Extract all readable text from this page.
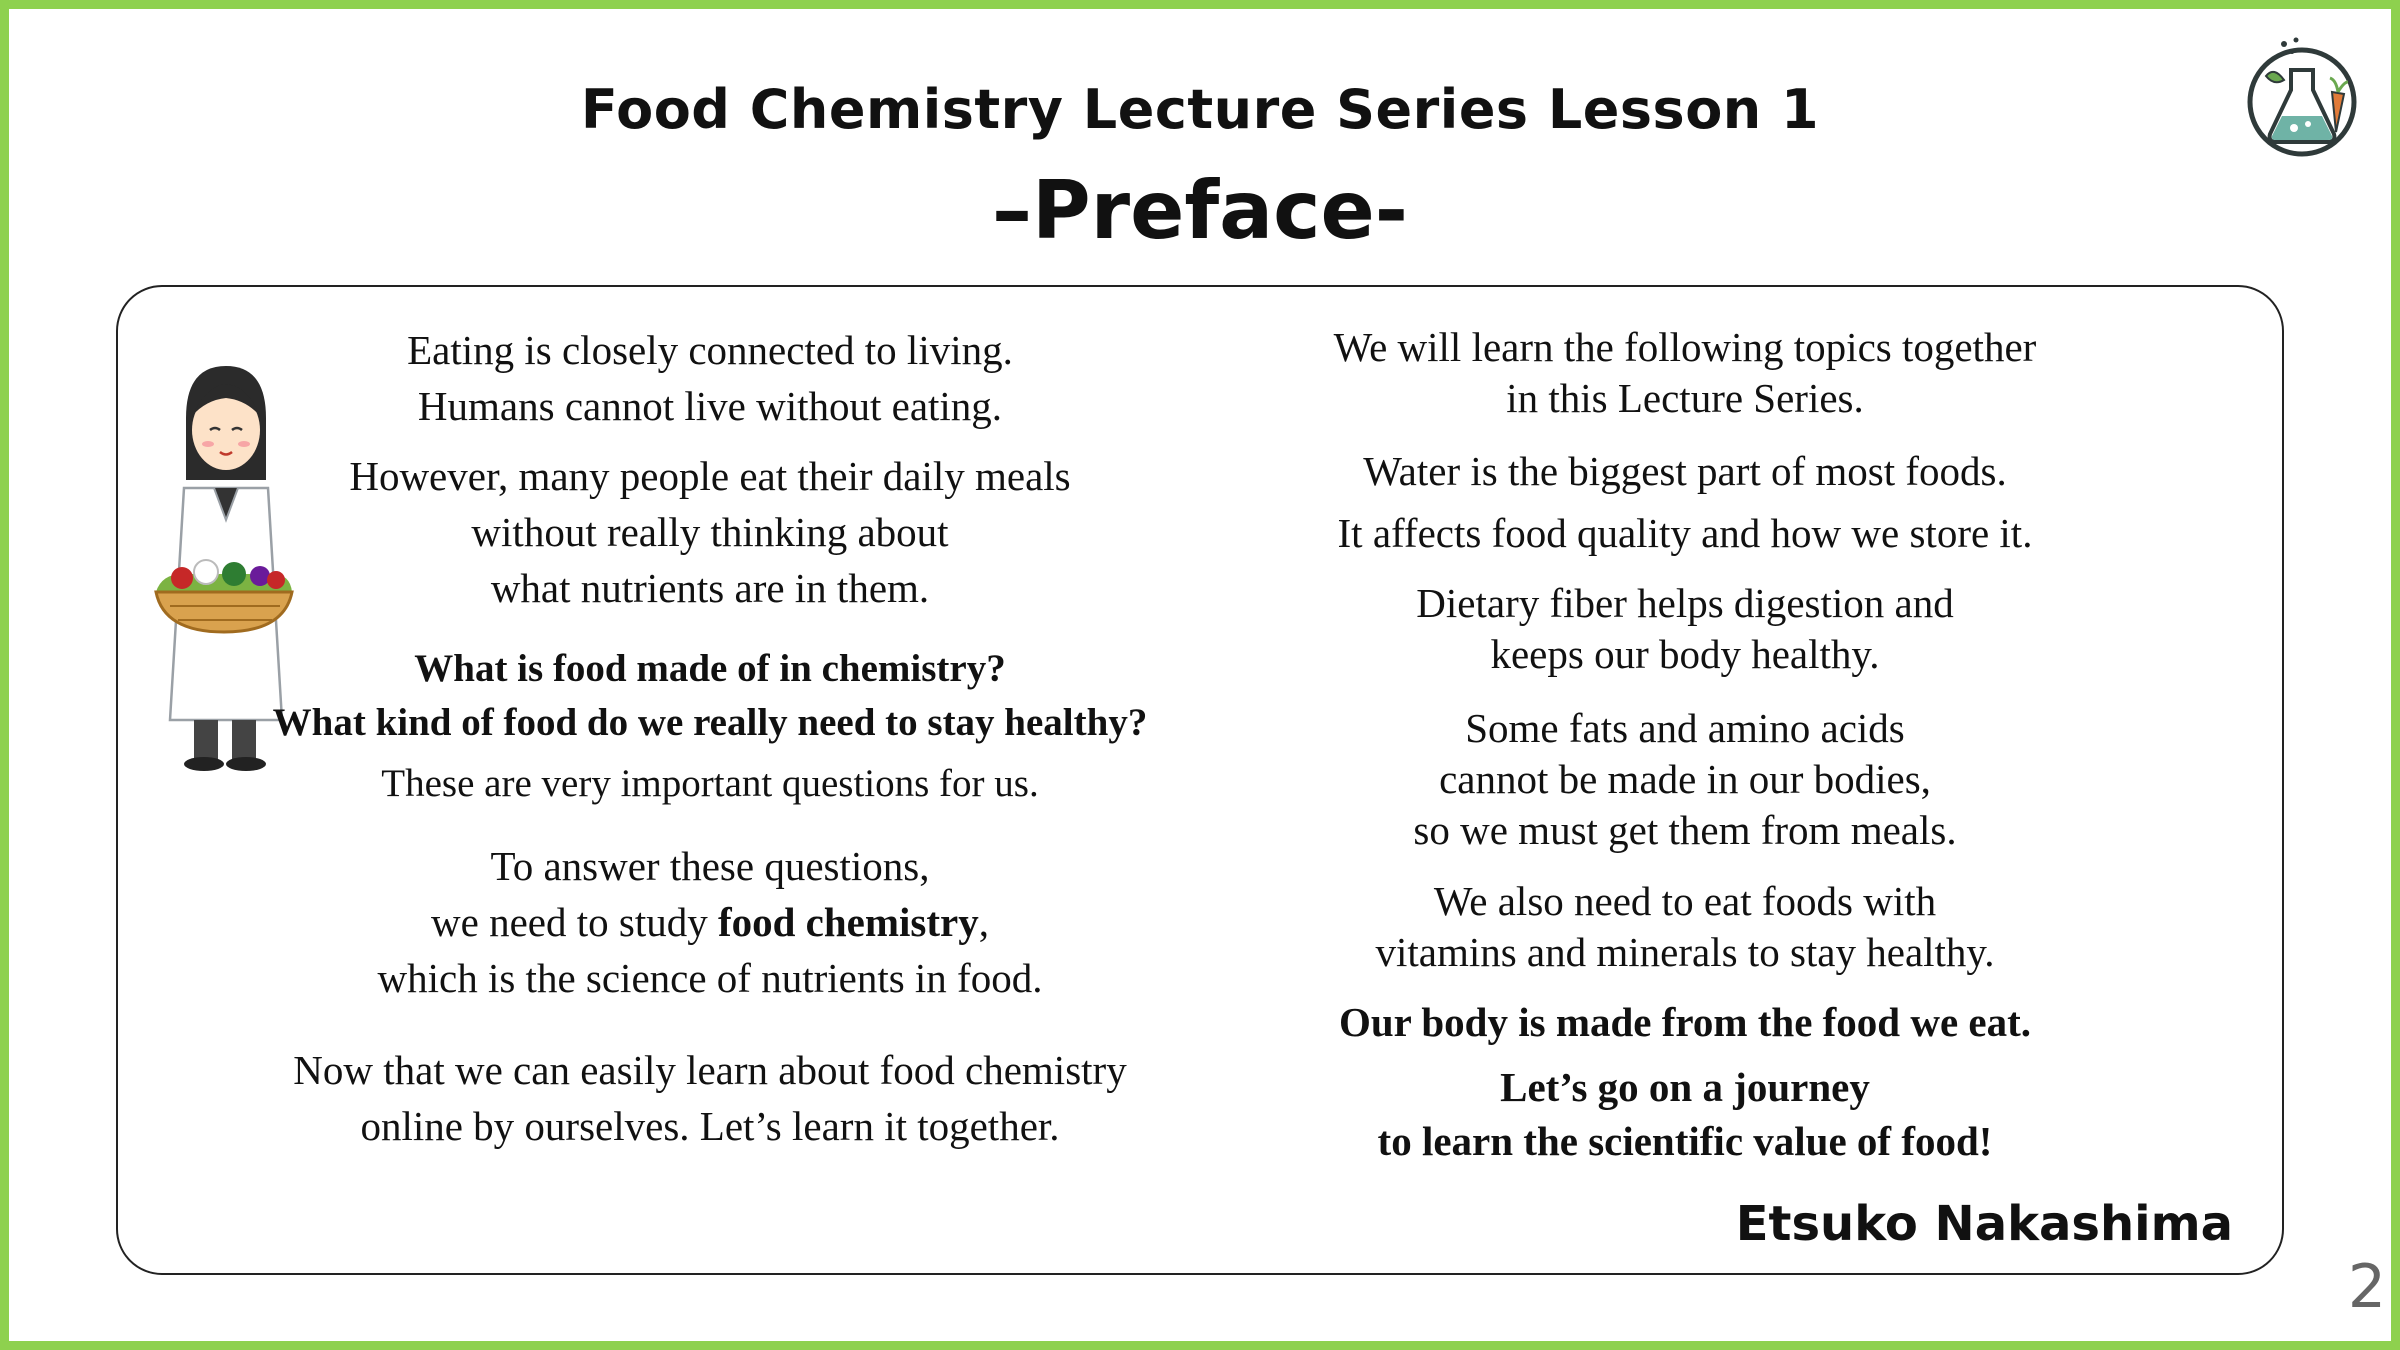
Food Chemistry Lecture Series Lesson 1
–Preface-

Eating is closely connected to living.

Humans cannot live without eating.

However, many people eat their daily meals

without really thinking about

what nutrients are in them.

What is food made of in chemistry?

What kind of food do we really need to stay healthy?

These are very important questions for us.

To answer these questions,

we need to study food chemistry,

which is the science of nutrients in food.

Now that we can easily learn about food chemistry

online by ourselves. Let’s learn it together.

We will learn the following topics together

in this Lecture Series.

Water is the biggest part of most foods.

It affects food quality and how we store it.

Dietary fiber helps digestion and

keeps our body healthy.

Some fats and amino acids

cannot be made in our bodies,

so we must get them from meals.

We also need to eat foods with

vitamins and minerals to stay healthy.

Our body is made from the food we eat.

Let’s go on a journey

to learn the scientific value of food!

Etsuko Nakashima
2
